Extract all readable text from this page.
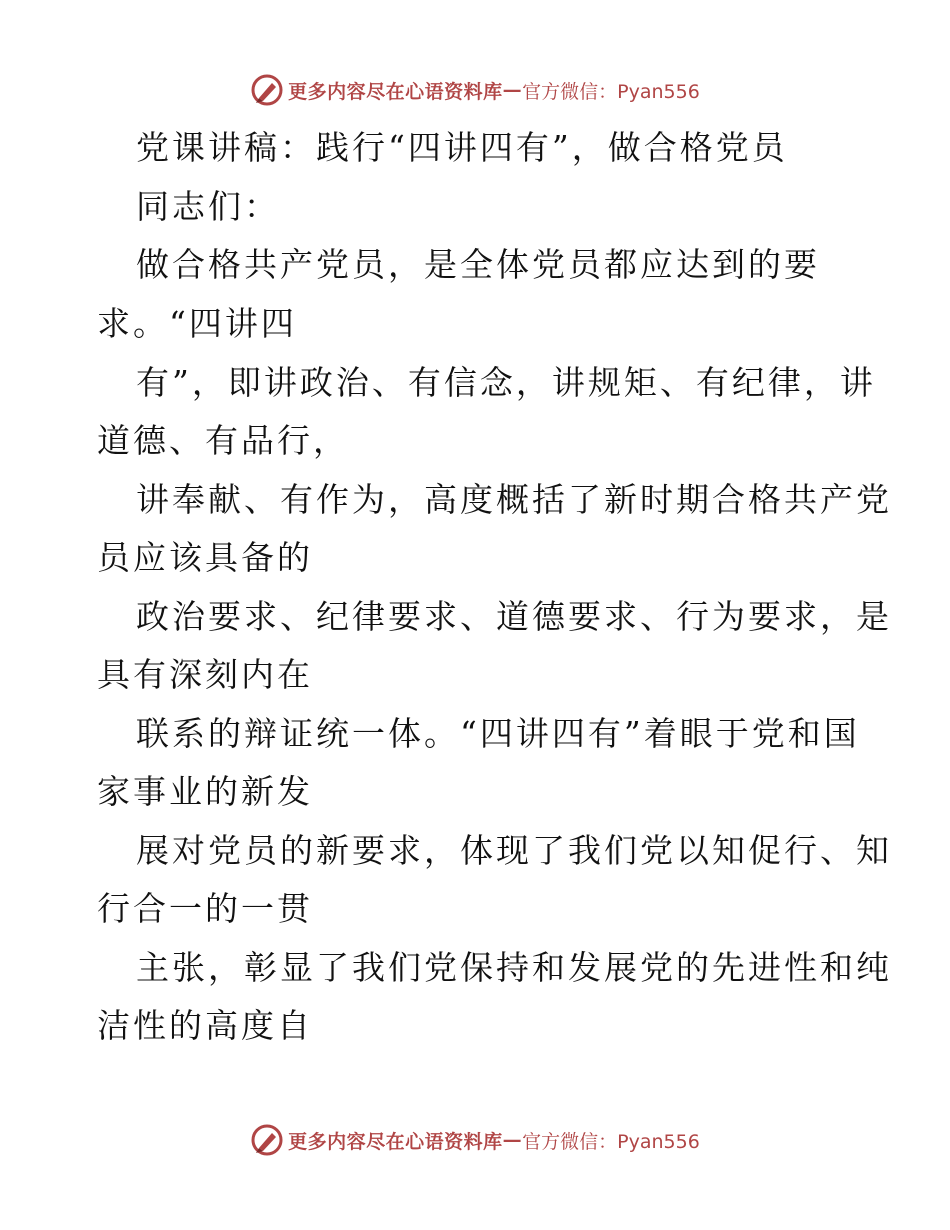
更多内容尽在心语资料库 — 官方微信：Pyan556
党课讲稿：践行“四讲四有”，做合格党员
同志们：
做合格共产党员，是全体党员都应达到的要
求。“四讲四
有”，即讲政治、有信念，讲规矩、有纪律，讲
道德、有品行，
讲奉献、有作为，高度概括了新时期合格共产党
员应该具备的
政治要求、纪律要求、道德要求、行为要求，是
具有深刻内在
联系的辩证统一体。“四讲四有”着眼于党和国
家事业的新发
展对党员的新要求，体现了我们党以知促行、知
行合一的一贯
主张，彰显了我们党保持和发展党的先进性和纯
洁性的高度自
更多内容尽在心语资料库 — 官方微信：Pyan556
